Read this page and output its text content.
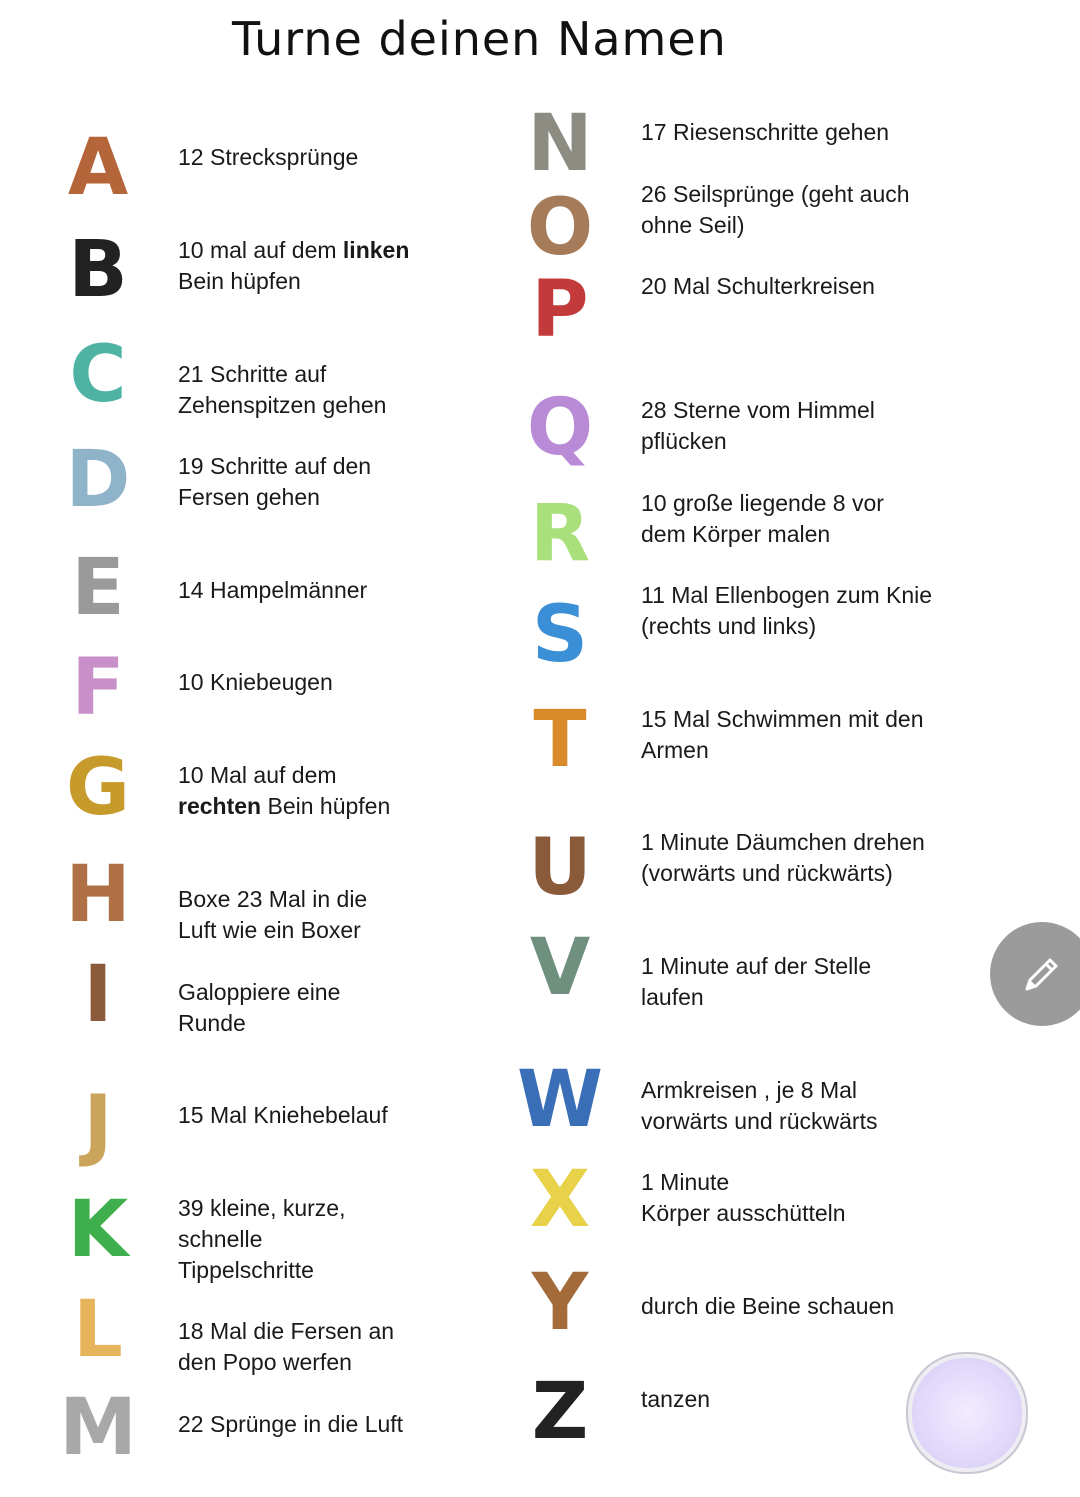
Turne deinen Namen
A	12 Strecksprünge
B	10 mal auf dem linken
Bein hüpfen
C	21 Schritte auf
Zehenspitzen gehen
D	19 Schritte auf den
Fersen gehen
E	14 Hampelmänner
F	10 Kniebeugen
G	10 Mal auf dem
rechten Bein hüpfen
H	Boxe 23 Mal in die
Luft wie ein Boxer
I	Galoppiere eine
Runde
J	15 Mal Kniehebelauf
K	39 kleine, kurze,
schnelle
Tippelschritte
L	18 Mal die Fersen an
den Popo werfen
M 22 Sprünge in die Luft
N	17 Riesenschritte gehen
O 26 Seilsprünge (geht auch
ohne Seil)
P	20 Mal Schulterkreisen
Q 28 Sterne vom Himmel
pflücken
R	10 große liegende 8 vor
dem Körper malen
S	11 Mal Ellenbogen zum Knie
(rechts und links)
T	15 Mal Schwimmen mit den
Armen
U	1 Minute Däumchen drehen
(vorwärts und rückwärts)
V	1 Minute auf der Stelle
laufen
W Armkreisen , je 8 Mal
vorwärts und rückwärts
X	1 Minute
Körper ausschütteln
Y	durch die Beine schauen
Z	tanzen
